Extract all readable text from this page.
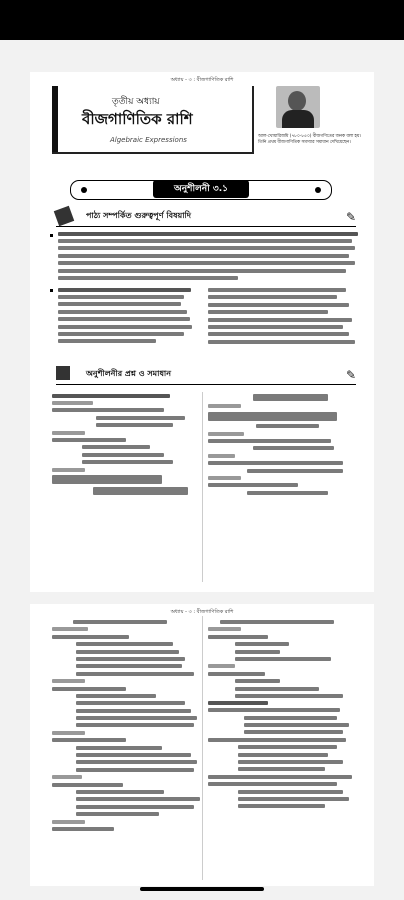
অধ্যায় - ৩ : বীজগাণিতিক রাশি
তৃতীয় অধ্যায়
বীজগাণিতিক রাশি
Algebraic Expressions	আল-খোয়ারিজমি (৭৮০-৮৫০) বীজগণিতের জনক বলা হয়। তিনি প্রথম বীজগাণিতিক সমস্যার সমাধান দেখিয়েছেন।
অনুশীলনী ৩.১
পাঠ্য সম্পর্কিত গুরুত্বপূর্ণ বিষয়াদি	✎
অনুশীলনীর প্রশ্ন ও সমাধান	✎
অধ্যায় - ৩ : বীজগাণিতিক রাশি
